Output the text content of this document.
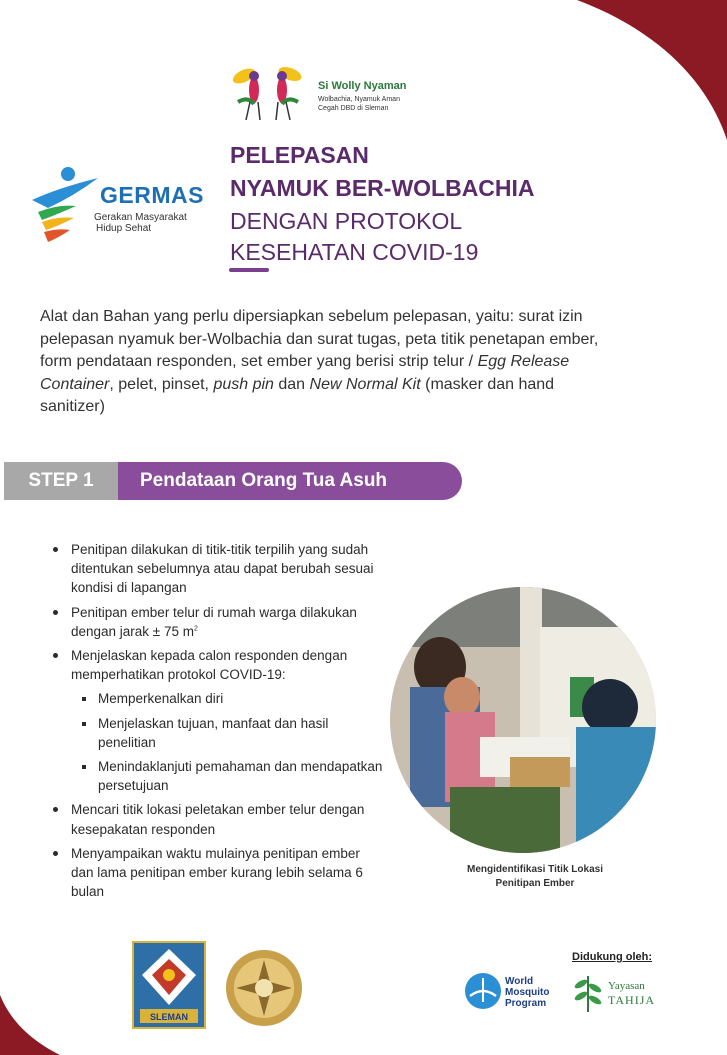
Si Wolly Nyaman
Wolbachia, Nyamuk Aman
Cegah DBD di Sleman
GERMAS
Gerakan Masyarakat
Hidup Sehat
PELEPASAN
NYAMUK BER-WOLBACHIA
DENGAN PROTOKOL
KESEHATAN COVID-19
Alat dan Bahan yang perlu dipersiapkan sebelum pelepasan, yaitu: surat izin pelepasan nyamuk ber-Wolbachia dan surat tugas, peta titik penetapan ember, form pendataan responden, set ember yang berisi strip telur / Egg Release Container, pelet, pinset, push pin dan New Normal Kit (masker dan hand sanitizer)
STEP 1	Pendataan Orang Tua Asuh
Penitipan dilakukan di titik-titik terpilih yang sudah ditentukan sebelumnya atau dapat berubah sesuai kondisi di lapangan
Penitipan ember telur di rumah warga dilakukan dengan jarak ± 75 $m^2$
Menjelaskan kepada calon responden dengan memperhatikan protokol COVID-19:
Memperkenalkan diri
Menjelaskan tujuan, manfaat dan hasil penelitian
Menindaklanjuti pemahaman dan mendapatkan persetujuan
Mencari titik lokasi peletakan ember telur dengan kesepakatan responden
Menyampaikan waktu mulainya penitipan ember dan lama penitipan ember kurang lebih selama 6 bulan
Mengidentifikasi Titik Lokasi
Penitipan Ember
SLEMAN
Didukung oleh:
World
Mosquito
Program
Yayasan
TAHIJA
